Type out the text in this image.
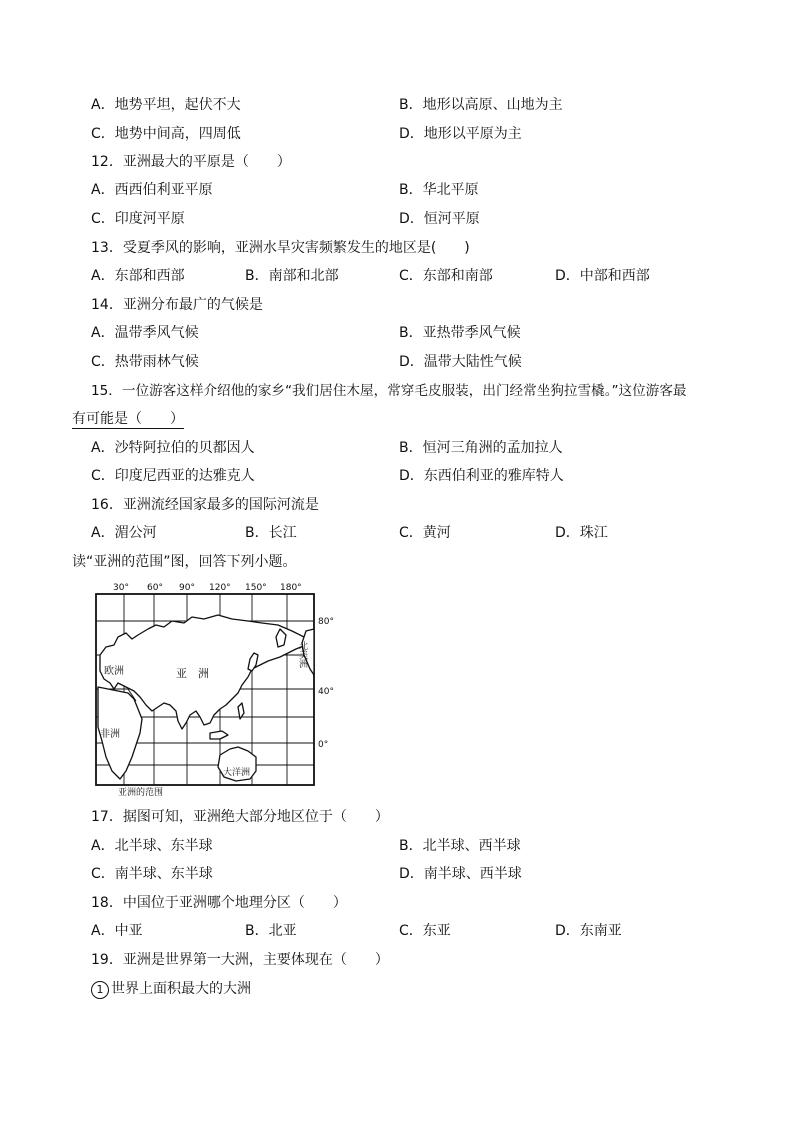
A．地势平坦，起伏不大	B．地形以高原、山地为主
C．地势中间高，四周低	D．地形以平原为主
12．亚洲最大的平原是（　　）
A．西西伯利亚平原	B．华北平原
C．印度河平原	D．恒河平原
13．受夏季风的影响，亚洲水旱灾害频繁发生的地区是(　　)
A．东部和西部	B．南部和北部	C．东部和南部	D．中部和西部
14．亚洲分布最广的气候是
A．温带季风气候	B．亚热带季风气候
C．热带雨林气候	D．温带大陆性气候
15．一位游客这样介绍他的家乡“我们居住木屋，常穿毛皮服装，出门经常坐狗拉雪橇。”这位游客最
有可能是（　　）
A．沙特阿拉伯的贝都因人	B．恒河三角洲的孟加拉人
C．印度尼西亚的达雅克人	D．东西伯利亚的雅库特人
16．亚洲流经国家最多的国际河流是
A．湄公河	B．长江	C．黄河	D．珠江
读“亚洲的范围”图，回答下列小题。
30° 60° 90° 120° 150° 180°
80°
40°
0°
欧洲	亚　洲
非洲
大洋洲
北美洲
亚洲的范围
17．据图可知，亚洲绝大部分地区位于（　　）
A．北半球、东半球	B．北半球、西半球
C．南半球、东半球	D．南半球、西半球
18．中国位于亚洲哪个地理分区（　　）
A．中亚	B．北亚	C．东亚	D．东南亚
19．亚洲是世界第一大洲，主要体现在（　　）
1 世界上面积最大的大洲
